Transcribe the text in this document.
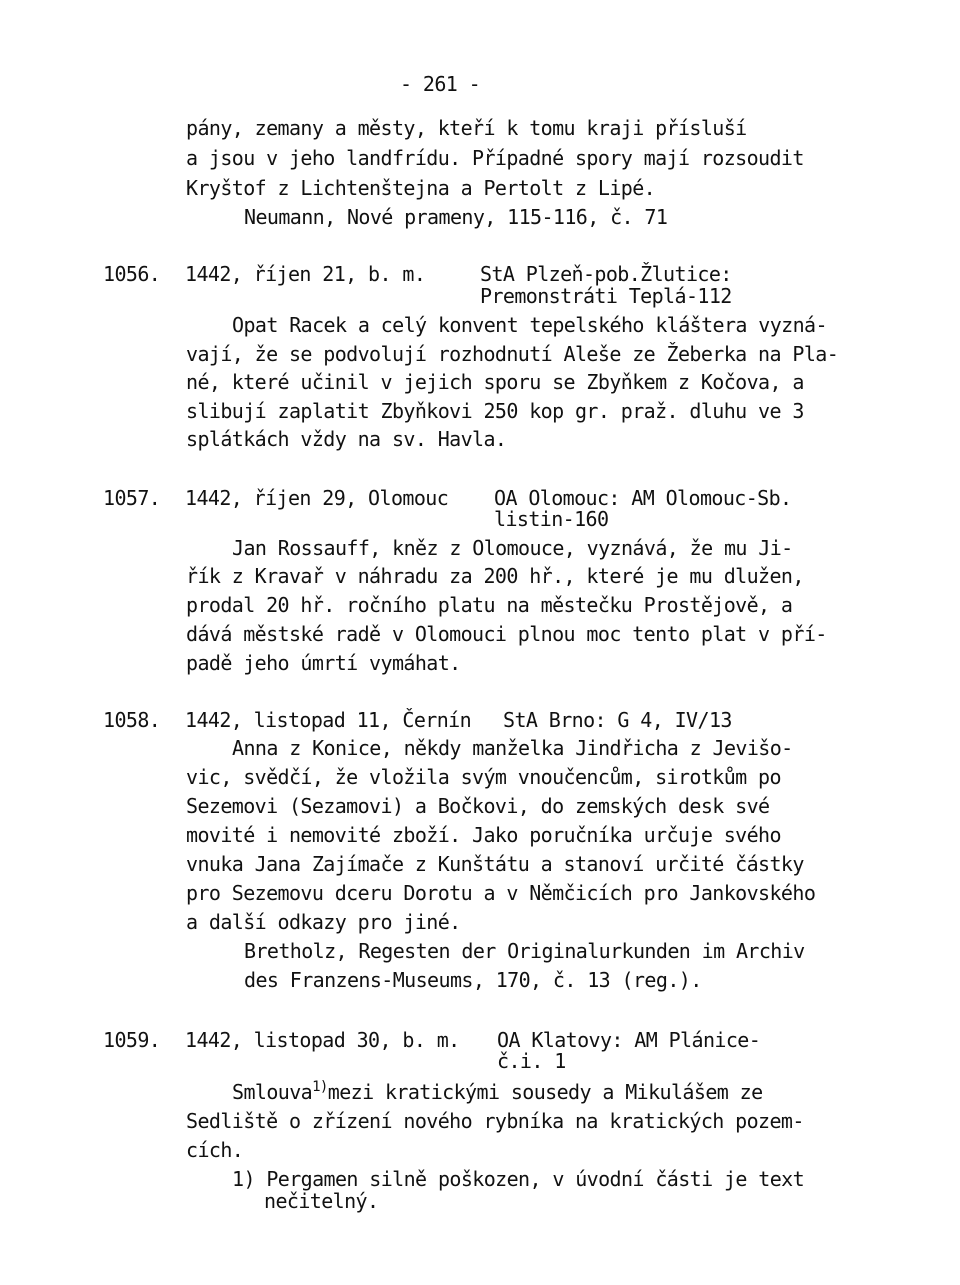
- 261 -
pány, zemany a městy, kteří k tomu kraji přísluší
a jsou v jeho landfrídu. Případné spory mají rozsoudit
Kryštof z Lichtenštejna a Pertolt z Lipé.
Neumann, Nové prameny, 115-116, č. 71
1056. 1442, říjen 21, b. m.	StA Plzeň-pob.Žlutice:
Premonstráti Teplá-112
Opat Racek a celý konvent tepelského kláštera vyzná-
vají, že se podvolují rozhodnutí Aleše ze Žeberka na Pla-
né, které učinil v jejich sporu se Zbyňkem z Kočova, a
slibují zaplatit Zbyňkovi 250 kop gr. praž. dluhu ve 3
splátkách vždy na sv. Havla.
1057. 1442, říjen 29, Olomouc OA Olomouc: AM Olomouc-Sb.
listin-160
Jan Rossauff, kněz z Olomouce, vyznává, že mu Ji-
řík z Kravař v náhradu za 200 hř., které je mu dlužen,
prodal 20 hř. ročního platu na městečku Prostějově, a
dává městské radě v Olomouci plnou moc tento plat v pří-
padě jeho úmrtí vymáhat.
1058. 1442, listopad 11, Černín StA Brno: G 4, IV/13
Anna z Konice, někdy manželka Jindřicha z Jevišo-
vic, svědčí, že vložila svým vnoučencům, sirotkům po
Sezemovi (Sezamovi) a Bočkovi, do zemských desk své
movité i nemovité zboží. Jako poručníka určuje svého
vnuka Jana Zajímače z Kunštátu a stanoví určité částky
pro Sezemovu dceru Dorotu a v Němčicích pro Jankovského
a další odkazy pro jiné.
Bretholz, Regesten der Originalurkunden im Archiv
des Franzens-Museums, 170, č. 13 (reg.).
1059. 1442, listopad 30, b. m. OA Klatovy: AM Plánice-
č.i. 1
Smlouva$^{1)}$mezi kratickými sousedy a Mikulášem ze
Sedliště o zřízení nového rybníka na kratických pozem-
cích.
1) Pergamen silně poškozen, v úvodní části je text
nečitelný.
